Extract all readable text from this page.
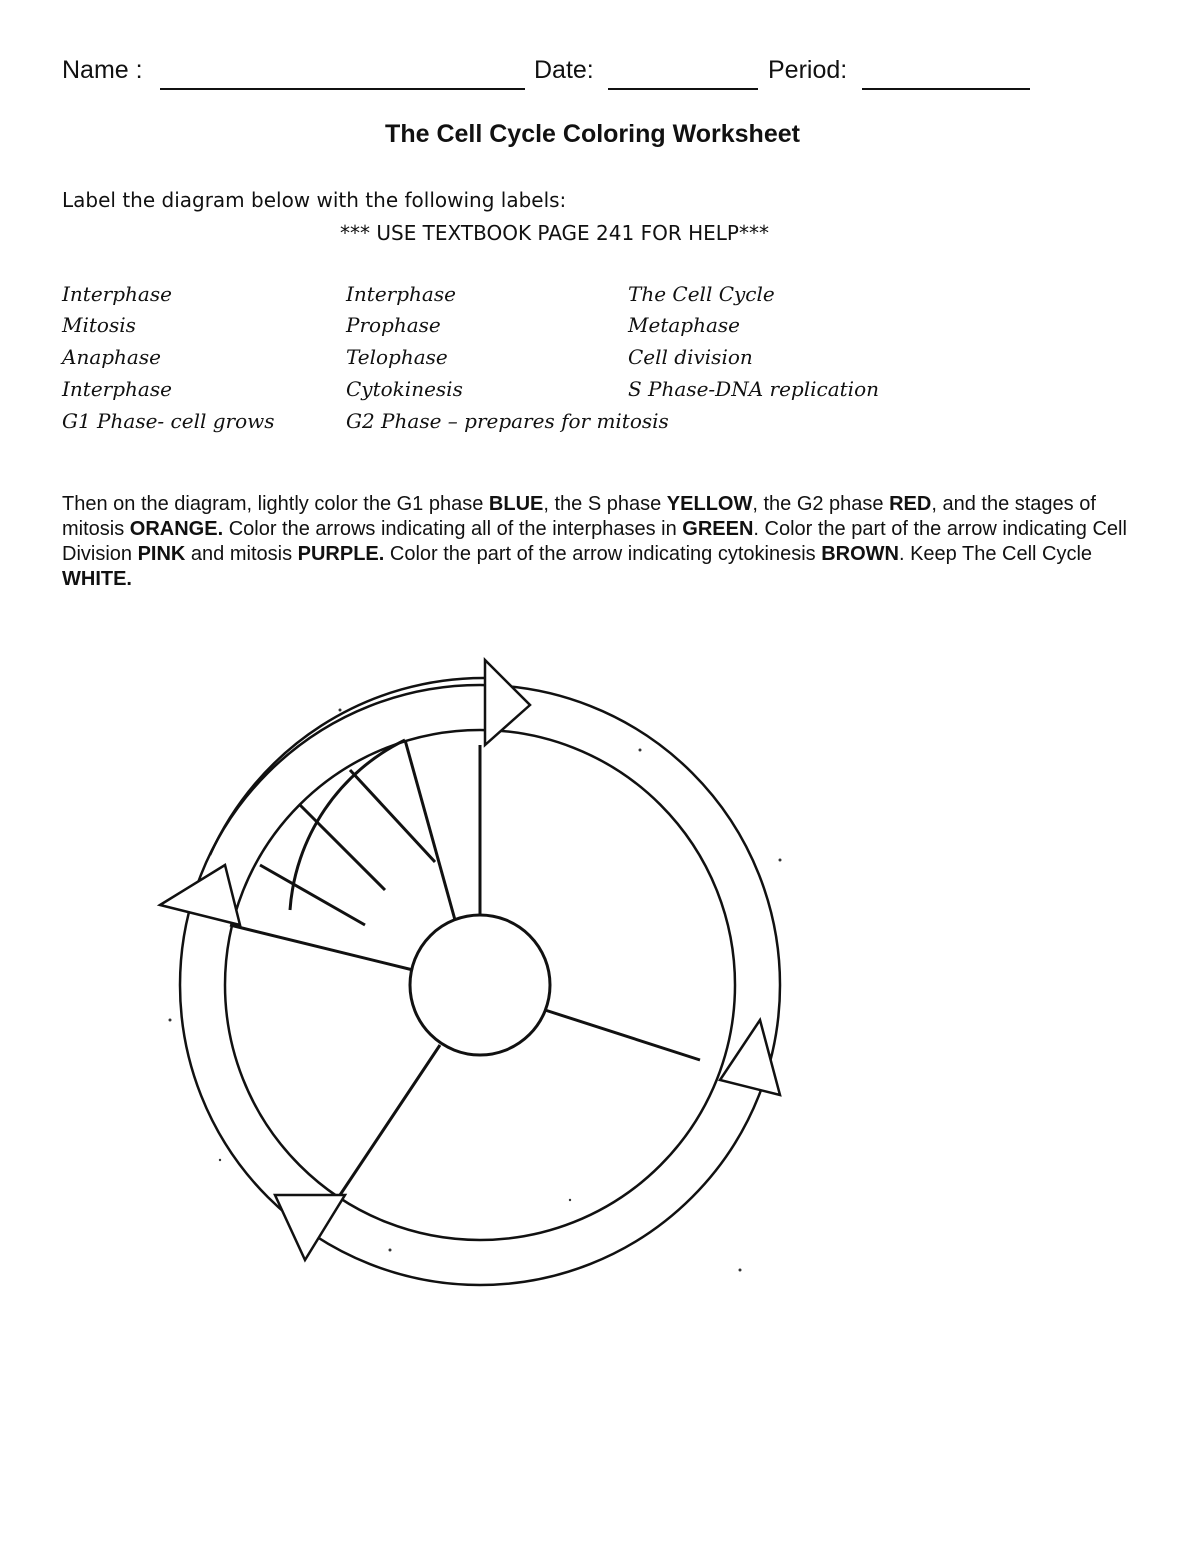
Name :	Date:	Period:
The Cell Cycle Coloring Worksheet
Label the diagram below with the following labels:
*** USE TEXTBOOK PAGE 241 FOR HELP***
Interphase
Mitosis
Anaphase
Interphase
G1 Phase- cell grows
Interphase
Prophase
Telophase
Cytokinesis
G2 Phase – prepares for mitosis
The Cell Cycle
Metaphase
Cell division
S Phase-DNA replication
Then on the diagram, lightly color the G1 phase BLUE, the S phase YELLOW, the G2 phase RED, and the stages of mitosis ORANGE. Color the arrows indicating all of the interphases in GREEN. Color the part of the arrow indicating Cell Division PINK and mitosis PURPLE. Color the part of the arrow indicating cytokinesis BROWN. Keep The Cell Cycle WHITE.
